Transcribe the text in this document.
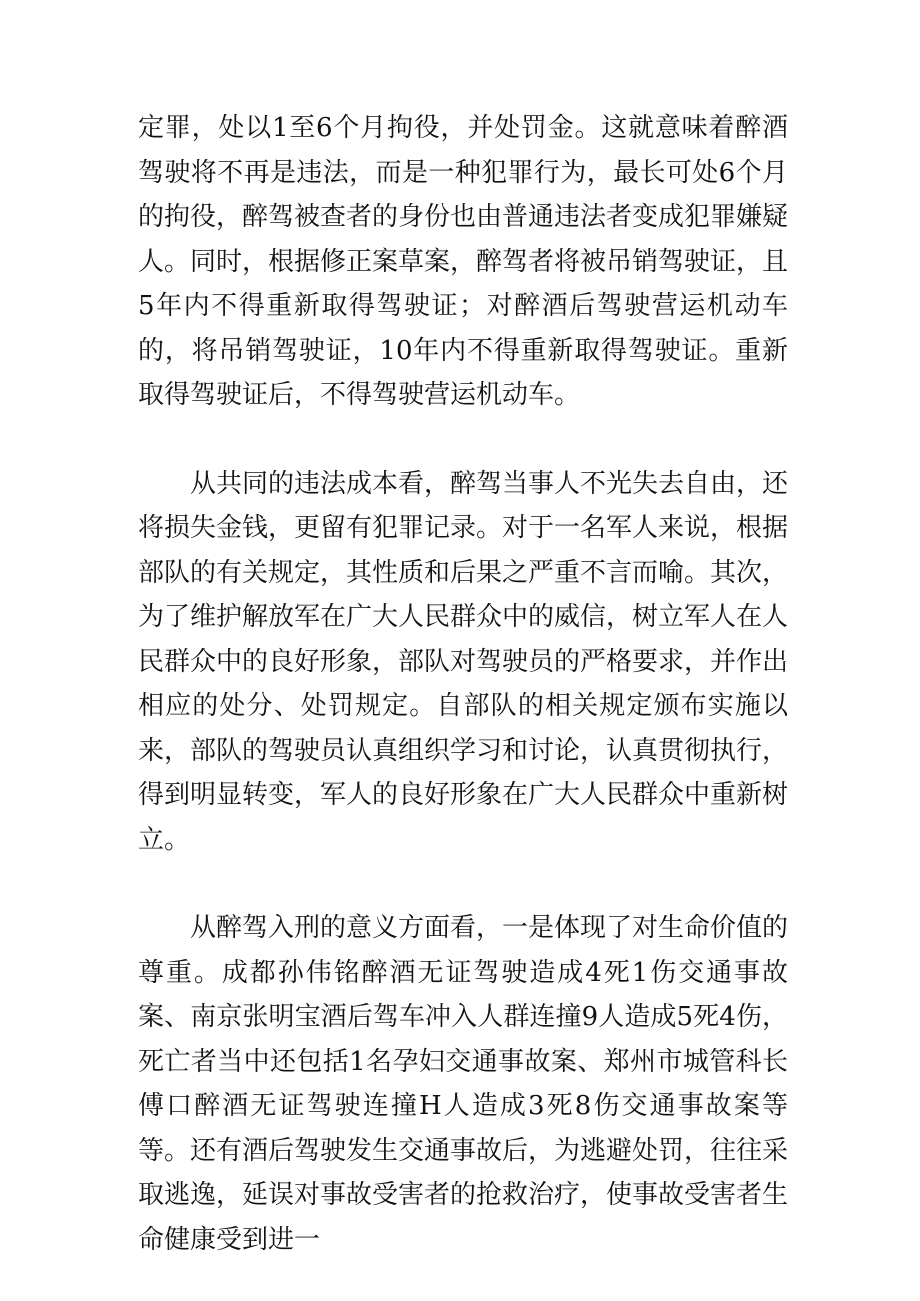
定罪，处以1至6个月拘役，并处罚金。这就意味着醉酒驾驶将不再是违法，而是一种犯罪行为，最长可处6个月的拘役，醉驾被查者的身份也由普通违法者变成犯罪嫌疑人。同时，根据修正案草案，醉驾者将被吊销驾驶证，且5年内不得重新取得驾驶证；对醉酒后驾驶营运机动车的，将吊销驾驶证，10年内不得重新取得驾驶证。重新取得驾驶证后，不得驾驶营运机动车。

从共同的违法成本看，醉驾当事人不光失去自由，还将损失金钱，更留有犯罪记录。对于一名军人来说，根据部队的有关规定，其性质和后果之严重不言而喻。其次，为了维护解放军在广大人民群众中的威信，树立军人在人民群众中的良好形象，部队对驾驶员的严格要求，并作出相应的处分、处罚规定。自部队的相关规定颁布实施以来，部队的驾驶员认真组织学习和讨论，认真贯彻执行，得到明显转变，军人的良好形象在广大人民群众中重新树立。

从醉驾入刑的意义方面看，一是体现了对生命价值的尊重。成都孙伟铭醉酒无证驾驶造成4死1伤交通事故案、南京张明宝酒后驾车冲入人群连撞9人造成5死4伤，死亡者当中还包括1名孕妇交通事故案、郑州市城管科长傅口醉酒无证驾驶连撞H人造成3死8伤交通事故案等等。还有酒后驾驶发生交通事故后，为逃避处罚，往往采取逃逸，延误对事故受害者的抢救治疗，使事故受害者生命健康受到进一
